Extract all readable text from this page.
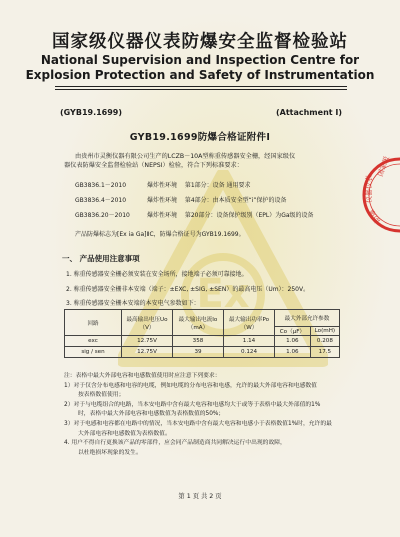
Ex
国家级仪器仪表防爆安全监督检验站
National Supervision and Inspection Centre for
Explosion Protection and Safety of Instrumentation
(GYB19.1699)	(Attachment Ⅰ)
GYB19.1699防爆合格证附件Ⅰ

由贵州市灵衡仪器有限公司生产的LCZB－10A型称重传感器安全栅，经国家级仪

器仪表防爆安全监督检验站（NEPSI）检验，符合下列标准要求：
GB3836.1－2010	爆炸性环境 第1部分：设备 通用要求
GB3836.4－2010	爆炸性环境 第4部分：由本质安全型“i”保护的设备
GB3836.20－2010	爆炸性环境 第20部分：设备保护级别（EPL）为Ga级的设备
产品防爆标志为[Ex ia Ga]ⅡC，防爆合格证号为GYB19.1699。
一、 产品使用注意事项
1. 称重传感器安全栅必须安装在安全场所，接地端子必须可靠接地。
2. 称重传感器安全栅非本安端（端子：±EXC, ±SIG, ±SEN）的最高电压（Um）：250V。
3. 称重传感器安全栅本安端的本安电气参数如下：
回路	最高输出电压Uo（V）	最大输出电流Io（mA）	最大输出功率Po（W）	最大外部允许参数	
				Co（μF）	Lo(mH)
exc	12.75V	358	1.14	1.06	0.208
sig / sen	12.75V	39	0.124	1.06	17.5
注：表格中最大外部电容和电感数值使用时应注意下列要求：
1）对于仅含分布电感和电容的电缆，例如电缆的分布电容和电感，允许的最大外部电容和电感数值
按表格数值使用；
2）对于与电缆组合的电路，当本安电路中含有最大电容和电感均大于或等于表格中最大外部值的1%
时，表格中最大外部电容和电感数值为表格数值的50%；
3）对于电感和电容都在电路中的情况，当本安电路中含有最大电容和电感小于表格数值1%时，允许的最
大外部电容和电感数值为表格数值。
4. 用户不得自行更换该产品的零部件，应会同产品制造商共同解决运行中出现的故障，
以杜绝损坏现象的发生。
第 1 页 共 2 页
国家级
仪器仪表
防爆
